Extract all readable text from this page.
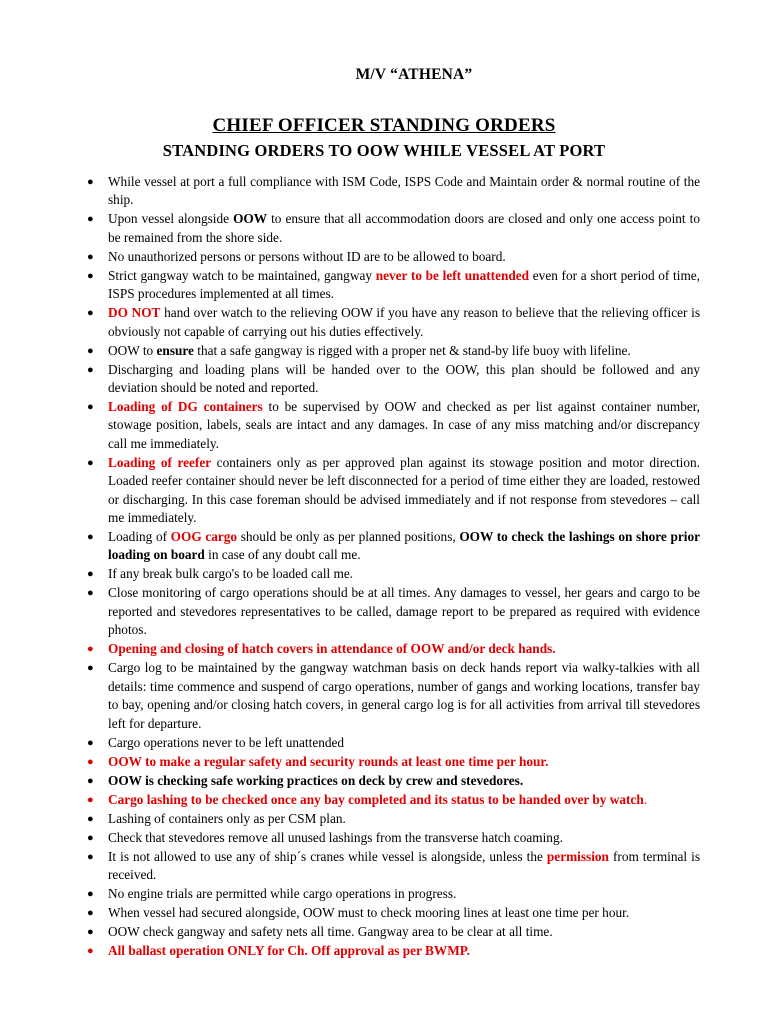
M/V “ATHENA”
CHIEF OFFICER STANDING ORDERS
STANDING ORDERS TO OOW WHILE VESSEL AT PORT
● While vessel at port a full compliance with ISM Code, ISPS Code and Maintain order & normal routine of the ship.
● Upon vessel alongside OOW to ensure that all accommodation doors are closed and only one access point to be remained from the shore side.
● No unauthorized persons or persons without ID are to be allowed to board.
● Strict gangway watch to be maintained, gangway never to be left unattended even for a short period of time, ISPS procedures implemented at all times.
● DO NOT hand over watch to the relieving OOW if you have any reason to believe that the relieving officer is obviously not capable of carrying out his duties effectively.
● OOW to ensure that a safe gangway is rigged with a proper net & stand-by life buoy with lifeline.
● Discharging and loading plans will be handed over to the OOW, this plan should be followed and any deviation should be noted and reported.
● Loading of DG containers to be supervised by OOW and checked as per list against container number, stowage position, labels, seals are intact and any damages. In case of any miss matching and/or discrepancy call me immediately.
● Loading of reefer containers only as per approved plan against its stowage position and motor direction. Loaded reefer container should never be left disconnected for a period of time either they are loaded, restowed or discharging. In this case foreman should be advised immediately and if not response from stevedores – call me immediately.
● Loading of OOG cargo should be only as per planned positions, OOW to check the lashings on shore prior loading on board in case of any doubt call me.
● If any break bulk cargo's to be loaded call me.
● Close monitoring of cargo operations should be at all times. Any damages to vessel, her gears and cargo to be reported and stevedores representatives to be called, damage report to be prepared as required with evidence photos.
● Opening and closing of hatch covers in attendance of OOW and/or deck hands.
● Cargo log to be maintained by the gangway watchman basis on deck hands report via walky-talkies with all details: time commence and suspend of cargo operations, number of gangs and working locations, transfer bay to bay, opening and/or closing hatch covers, in general cargo log is for all activities from arrival till stevedores left for departure.
● Cargo operations never to be left unattended
● OOW to make a regular safety and security rounds at least one time per hour.
● OOW is checking safe working practices on deck by crew and stevedores.
● Cargo lashing to be checked once any bay completed and its status to be handed over by watch.
● Lashing of containers only as per CSM plan.
● Check that stevedores remove all unused lashings from the transverse hatch coaming.
● It is not allowed to use any of ship´s cranes while vessel is alongside, unless the permission from terminal is received.
● No engine trials are permitted while cargo operations in progress.
● When vessel had secured alongside, OOW must to check mooring lines at least one time per hour.
● OOW check gangway and safety nets all time. Gangway area to be clear at all time.
● All ballast operation ONLY for Ch. Off approval as per BWMP.
